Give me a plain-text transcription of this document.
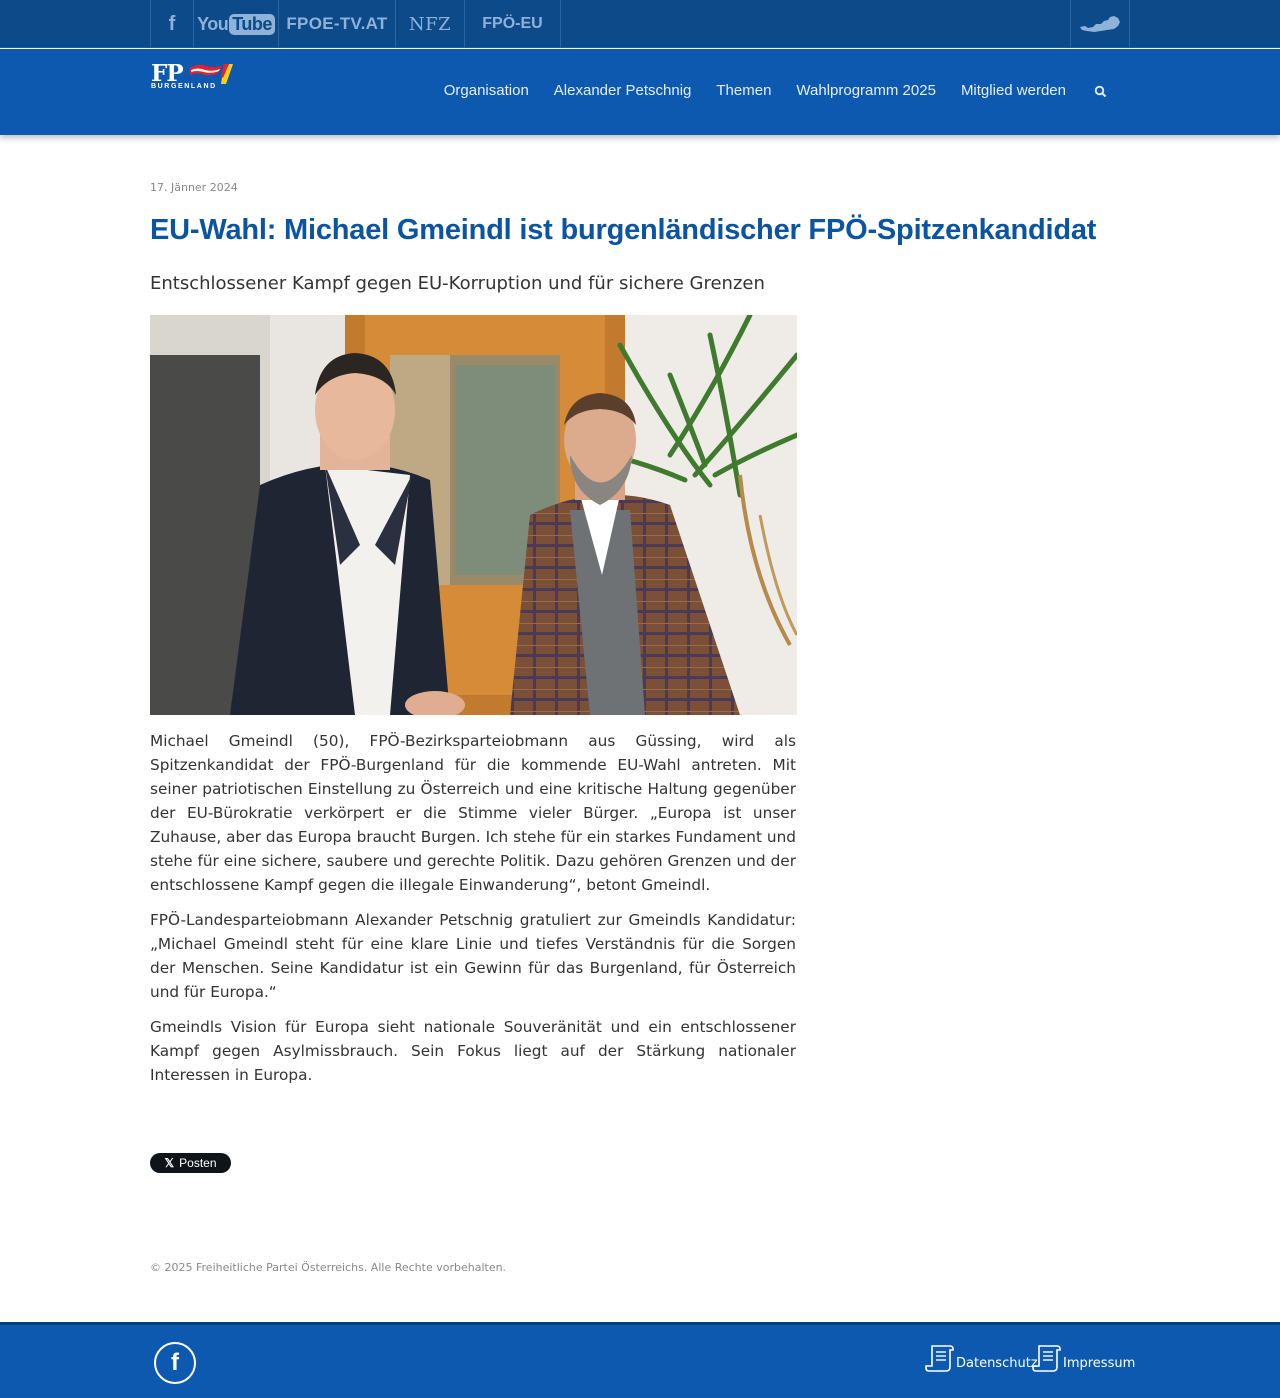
f You Tube FPOE-TV.AT	NFZ	FPÖ-EU
FP
BURGENLAND	Organisation Alexander Petschnig Themen Wahlprogramm 2025 Mitglied werden
17. Jänner 2024
EU-Wahl: Michael Gmeindl ist burgenländischer FPÖ-Spitzenkandidat
Entschlossener Kampf gegen EU-Korruption und für sichere Grenzen

Michael Gmeindl (50), FPÖ-Bezirksparteiobmann aus Güssing, wird als Spitzenkandidat der FPÖ-Burgenland für die kommende EU-Wahl antreten. Mit seiner patriotischen Einstellung zu Österreich und eine kritische Haltung gegenüber der EU-Bürokratie verkörpert er die Stimme vieler Bürger. „Europa ist unser Zuhause, aber das Europa braucht Burgen. Ich stehe für ein starkes Fundament und stehe für eine sichere, saubere und gerechte Politik. Dazu gehören Grenzen und der entschlossene Kampf gegen die illegale Einwanderung“, betont Gmeindl.

FPÖ-Landesparteiobmann Alexander Petschnig gratuliert zur Gmeindls Kandidatur: „Michael Gmeindl steht für eine klare Linie und tiefes Verständnis für die Sorgen der Menschen. Seine Kandidatur ist ein Gewinn für das Burgenland, für Österreich und für Europa.“

Gmeindls Vision für Europa sieht nationale Souveränität und ein entschlossener Kampf gegen Asylmissbrauch. Sein Fokus liegt auf der Stärkung nationaler Interessen in Europa.

𝕏 Posten
© 2025 Freiheitliche Partei Österreichs. Alle Rechte vorbehalten.
f	Datenschutz Impressum
